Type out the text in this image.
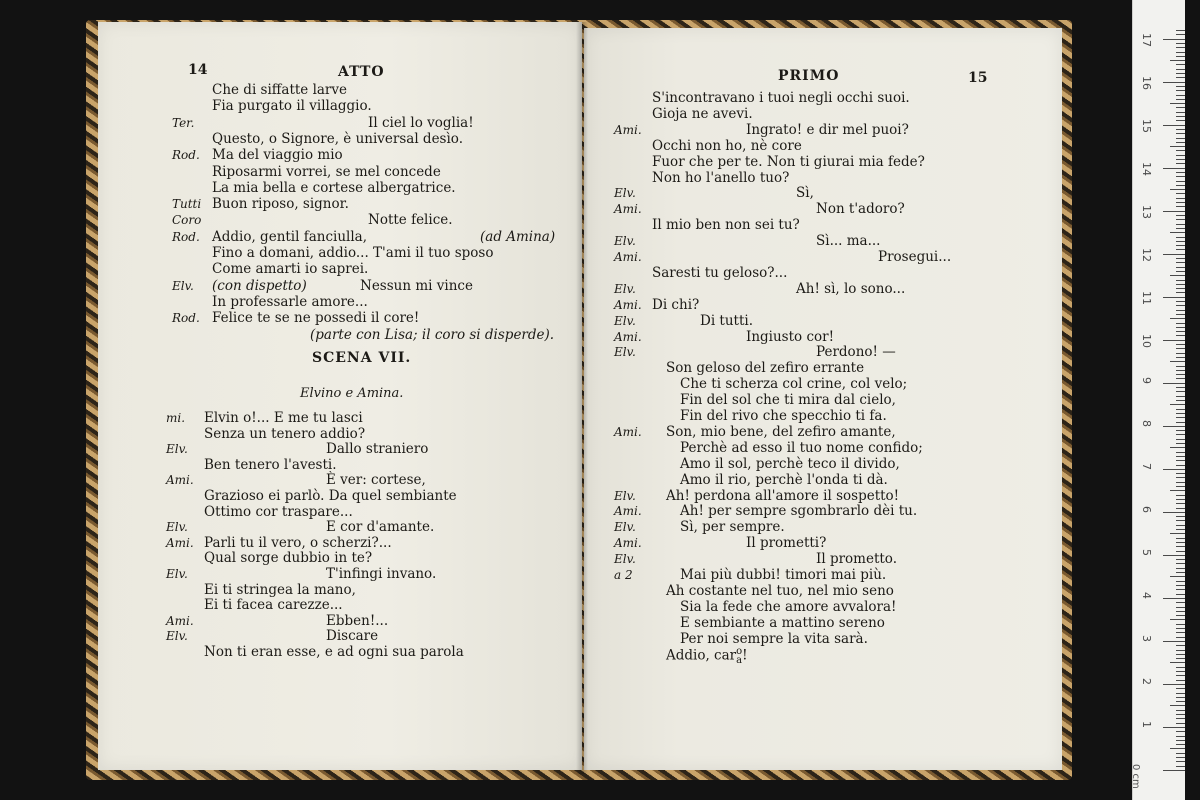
14	ATTO
Che di siffatte larve
Fia purgato il villaggio.
Ter.	Il ciel lo voglia!
Questo, o Signore, è universal desìo.
Rod. Ma del viaggio mio
Riposarmi vorrei, se mel concede
La mia bella e cortese albergatrice.
Tutti Buon riposo, signor.
Coro	Notte felice.
Rod. Addio, gentil fanciulla,	(ad Amina)
Fino a domani, addio... T'ami il tuo sposo
Come amarti io saprei.
Elv. (con dispetto)	Nessun mi vince
In professarle amore...
Rod. Felice te se ne possedi il core!
(parte con Lisa; il coro si disperde).
SCENA VII.
Elvino e Amina.
mi. Elvin o!... E me tu lasci
Senza un tenero addio?
Elv.	Dallo straniero
Ben tenero l'avesti.
Ami.	È ver: cortese,
Grazioso ei parlò. Da quel sembiante
Ottimo cor traspare...
Elv.	E cor d'amante.
Ami. Parli tu il vero, o scherzi?...
Qual sorge dubbio in te?
Elv.	T'infingi invano.
Ei ti stringea la mano,
Ei ti facea carezze...
Ami.	Ebben!...
Elv.	Discare
Non ti eran esse, e ad ogni sua parola
PRIMO	15
S'incontravano i tuoi negli occhi suoi.
Gioja ne avevi.
Ami.	Ingrato! e dir mel puoi?
Occhi non ho, nè core
Fuor che per te. Non ti giurai mia fede?
Non ho l'anello tuo?
Elv.	Sì,
Ami.	Non t'adoro?
Il mio ben non sei tu?
Elv.	Sì... ma...
Ami.	Prosegui...
Saresti tu geloso?...
Elv.	Ah! sì, lo sono...
Ami. Di chi?
Elv.	Di tutti.
Ami.	Ingiusto cor!
Elv.	Perdono! —
Son geloso del zefiro errante
Che ti scherza col crine, col velo;
Fin del sol che ti mira dal cielo,
Fin del rivo che specchio ti fa.
Ami. Son, mio bene, del zefiro amante,
Perchè ad esso il tuo nome confido;
Amo il sol, perchè teco il divido,
Amo il rio, perchè l'onda ti dà.
Elv. Ah! perdona all'amore il sospetto!
Ami.	Ah! per sempre sgombrarlo dèi tu.
Elv.	Sì, per sempre.
Ami.	Il prometti?
Elv.	Il prometto.
a 2	Mai più dubbi! timori mai più.
Ah costante nel tuo, nel mio seno
Sia la fede che amore avvalora!
E sembiante a mattino sereno
Per noi sempre la vita sarà.
Addio, car o
a !
17
16
15
14
13
12
11
10
9
8
7
6
5
4
3
2
1
0 cm
